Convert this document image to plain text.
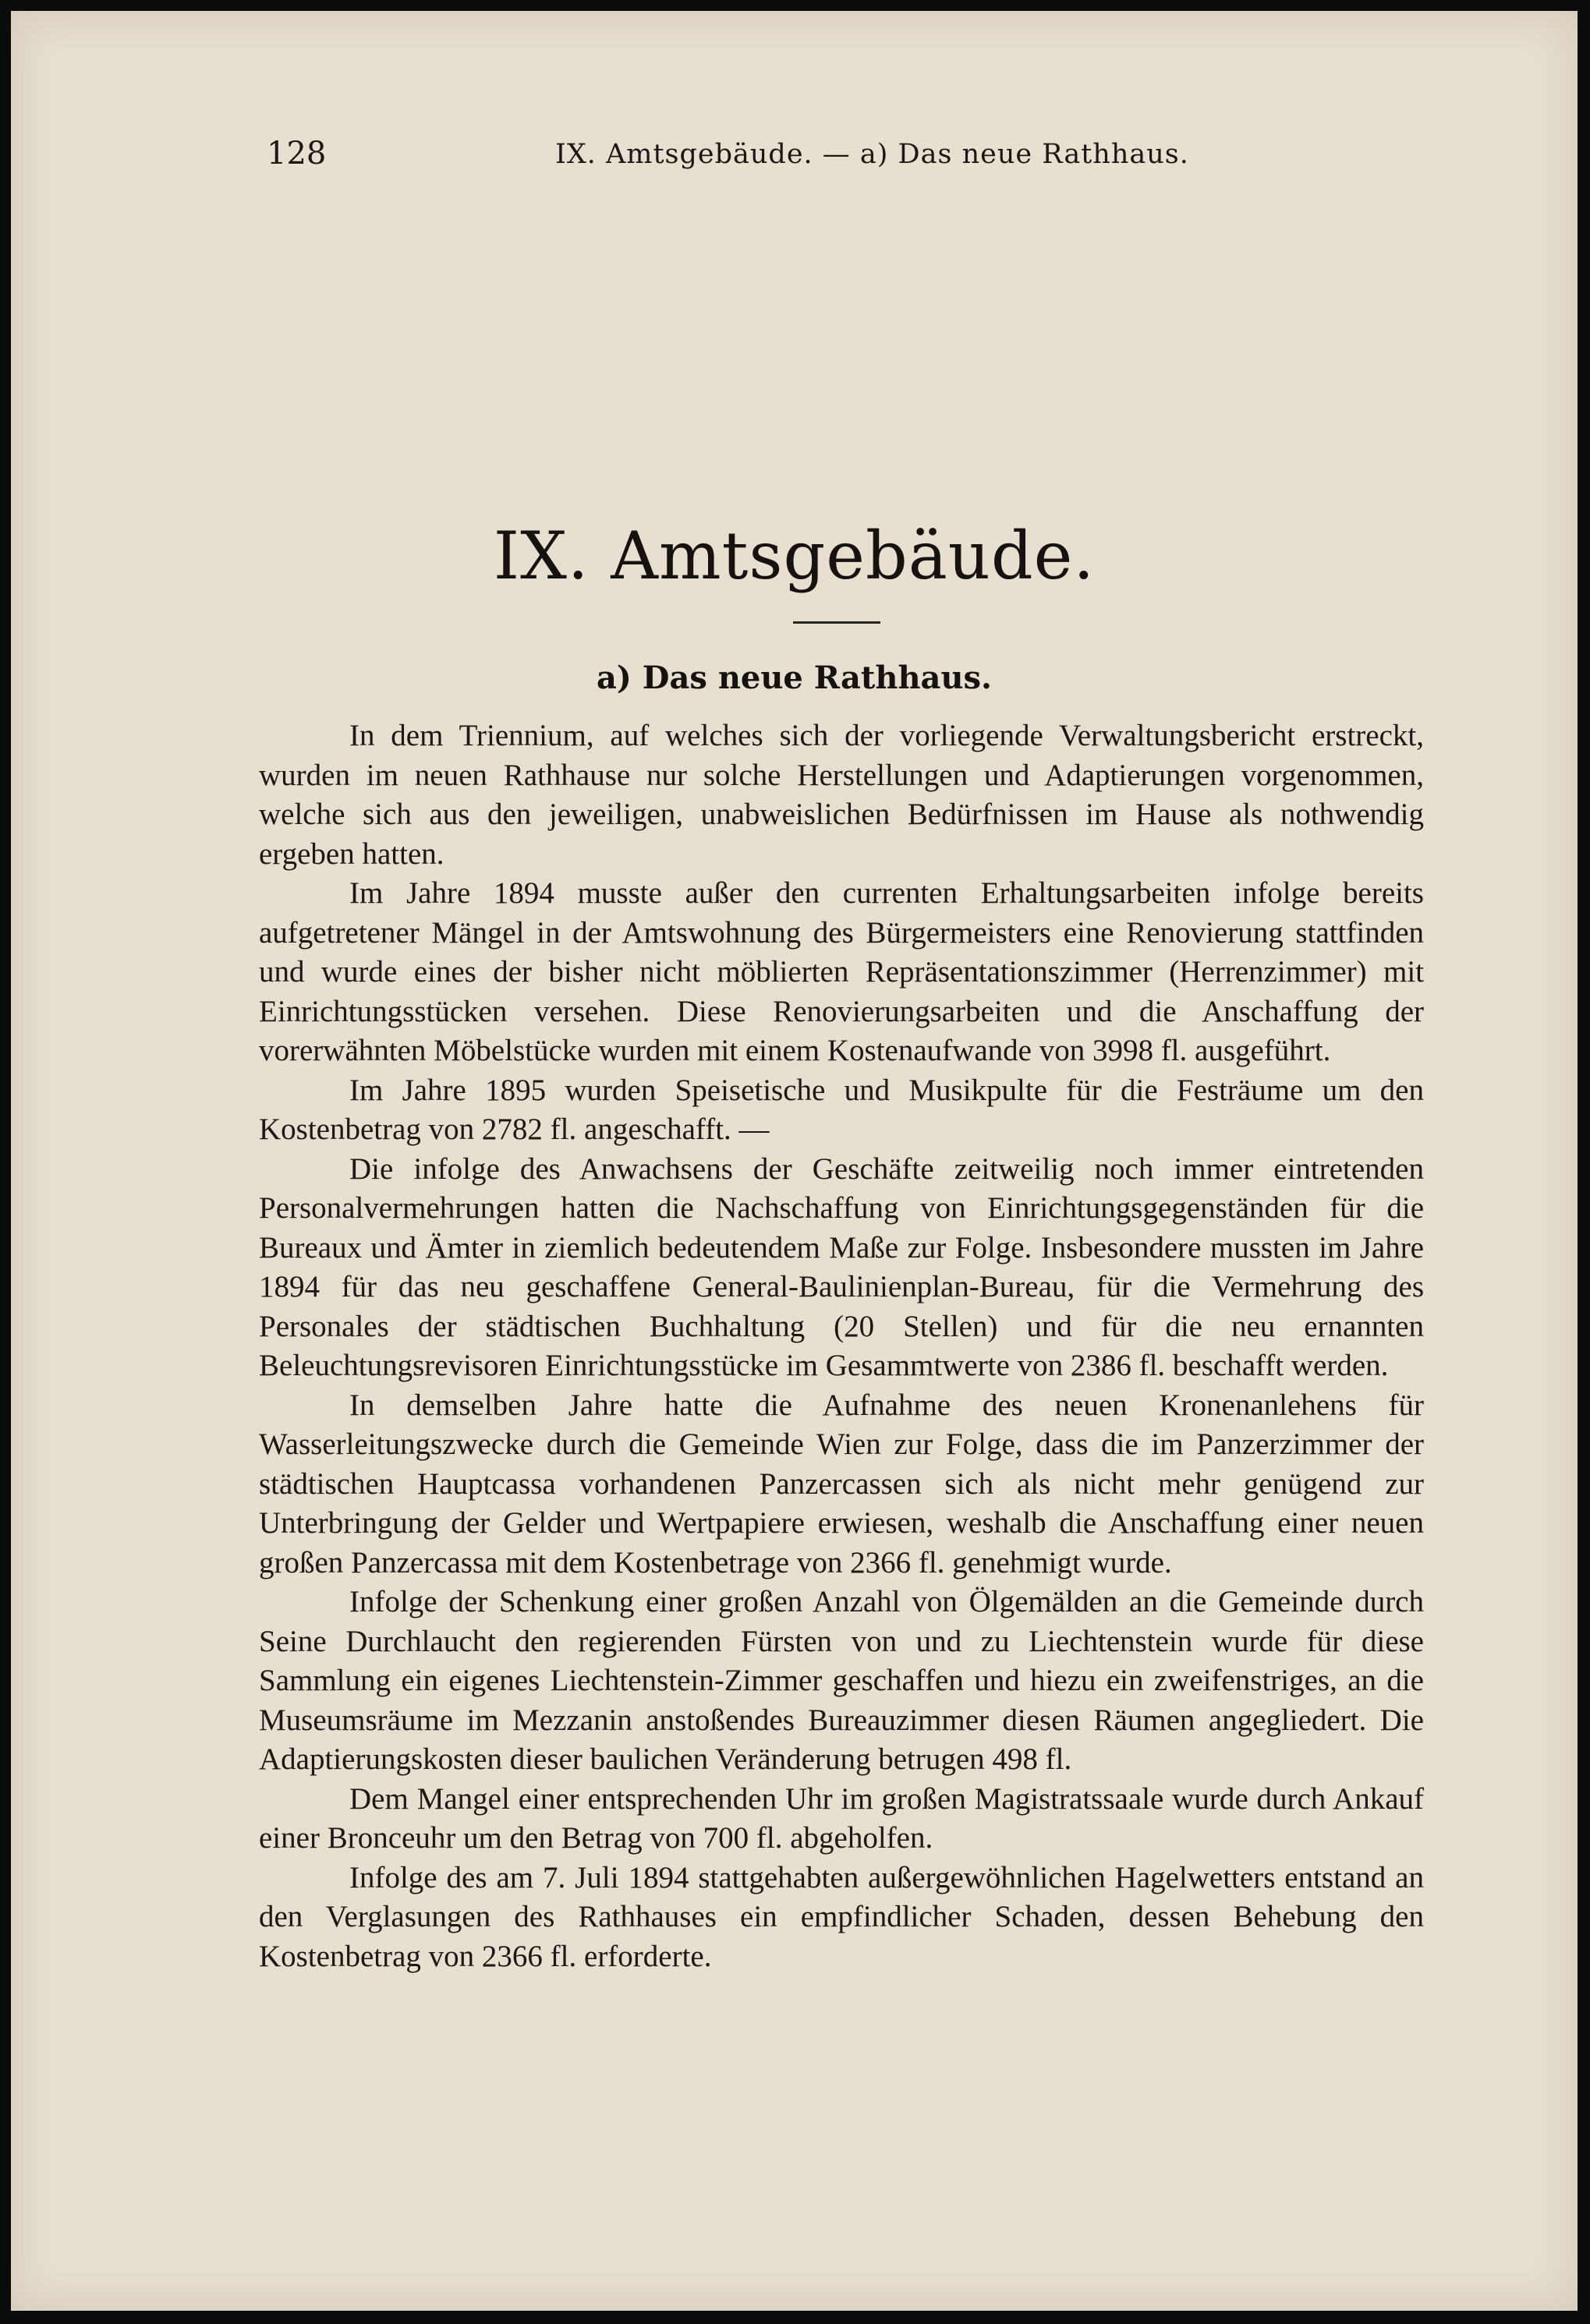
128	IX. Amtsgebäude. — a) Das neue Rathhaus.
IX. Amtsgebäude.
a) Das neue Rathhaus.

In dem Triennium, auf welches sich der vorliegende Verwaltungsbericht erstreckt, wurden im neuen Rathhause nur solche Herstellungen und Adaptierungen vorgenommen, welche sich aus den jeweiligen, unabweislichen Bedürfnissen im Hause als nothwendig ergeben hatten.

Im Jahre 1894 musste außer den currenten Erhaltungsarbeiten infolge bereits aufgetretener Mängel in der Amtswohnung des Bürgermeisters eine Renovierung stattfinden und wurde eines der bisher nicht möblierten Repräsentationszimmer (Herrenzimmer) mit Einrichtungsstücken versehen. Diese Renovierungsarbeiten und die Anschaffung der vorerwähnten Möbelstücke wurden mit einem Kostenaufwande von 3998 fl. ausgeführt.

Im Jahre 1895 wurden Speisetische und Musikpulte für die Festräume um den Kostenbetrag von 2782 fl. angeschafft. —

Die infolge des Anwachsens der Geschäfte zeitweilig noch immer eintretenden Personalvermehrungen hatten die Nachschaffung von Einrichtungsgegenständen für die Bureaux und Ämter in ziemlich bedeutendem Maße zur Folge. Insbesondere mussten im Jahre 1894 für das neu geschaffene General-Baulinienplan-Bureau, für die Vermehrung des Personales der städtischen Buchhaltung (20 Stellen) und für die neu ernannten Beleuchtungsrevisoren Einrichtungsstücke im Gesammtwerte von 2386 fl. beschafft werden.

In demselben Jahre hatte die Aufnahme des neuen Kronenanlehens für Wasserleitungszwecke durch die Gemeinde Wien zur Folge, dass die im Panzerzimmer der städtischen Hauptcassa vorhandenen Panzercassen sich als nicht mehr genügend zur Unterbringung der Gelder und Wertpapiere erwiesen, weshalb die Anschaffung einer neuen großen Panzercassa mit dem Kostenbetrage von 2366 fl. genehmigt wurde.

Infolge der Schenkung einer großen Anzahl von Ölgemälden an die Gemeinde durch Seine Durchlaucht den regierenden Fürsten von und zu Liechtenstein wurde für diese Sammlung ein eigenes Liechtenstein-Zimmer geschaffen und hiezu ein zweifenstriges, an die Museumsräume im Mezzanin anstoßendes Bureauzimmer diesen Räumen angegliedert. Die Adaptierungskosten dieser baulichen Veränderung betrugen 498 fl.

Dem Mangel einer entsprechenden Uhr im großen Magistratssaale wurde durch Ankauf einer Bronceuhr um den Betrag von 700 fl. abgeholfen.

Infolge des am 7. Juli 1894 stattgehabten außergewöhnlichen Hagelwetters entstand an den Verglasungen des Rathhauses ein empfindlicher Schaden, dessen Behebung den Kostenbetrag von 2366 fl. erforderte.
